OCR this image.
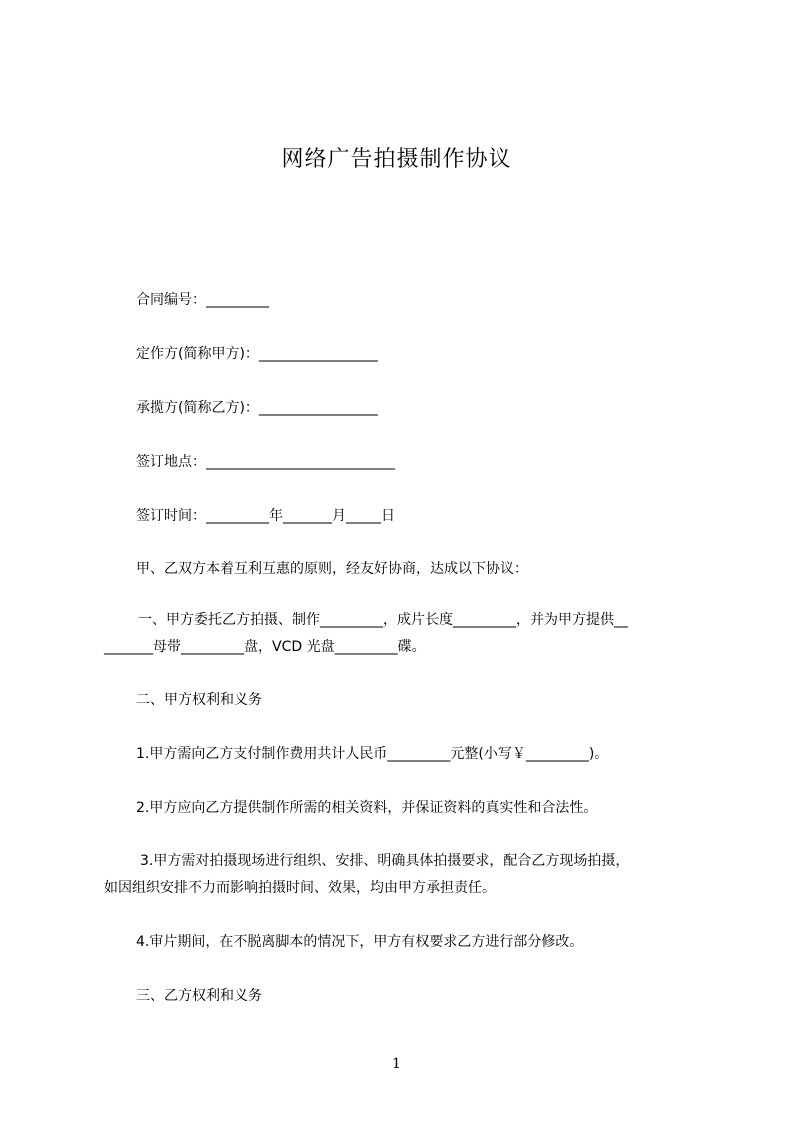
网络广告拍摄制作协议
合同编号：_________
定作方(简称甲方)：_________________
承揽方(简称乙方)：_________________
签订地点：___________________________
签订时间：_________年_______月_____日
甲、乙双方本着互利互惠的原则，经友好协商，达成以下协议：
一、甲方委托乙方拍摄、制作_________，成片长度_________，并为甲方提供__
_______母带_________盘，VCD 光盘_________碟。
二、甲方权利和义务
1.甲方需向乙方支付制作费用共计人民币_________元整(小写￥_________)。
2.甲方应向乙方提供制作所需的相关资料，并保证资料的真实性和合法性。
3.甲方需对拍摄现场进行组织、安排、明确具体拍摄要求，配合乙方现场拍摄，
如因组织安排不力而影响拍摄时间、效果，均由甲方承担责任。
4.审片期间，在不脱离脚本的情况下，甲方有权要求乙方进行部分修改。
三、乙方权利和义务
1
